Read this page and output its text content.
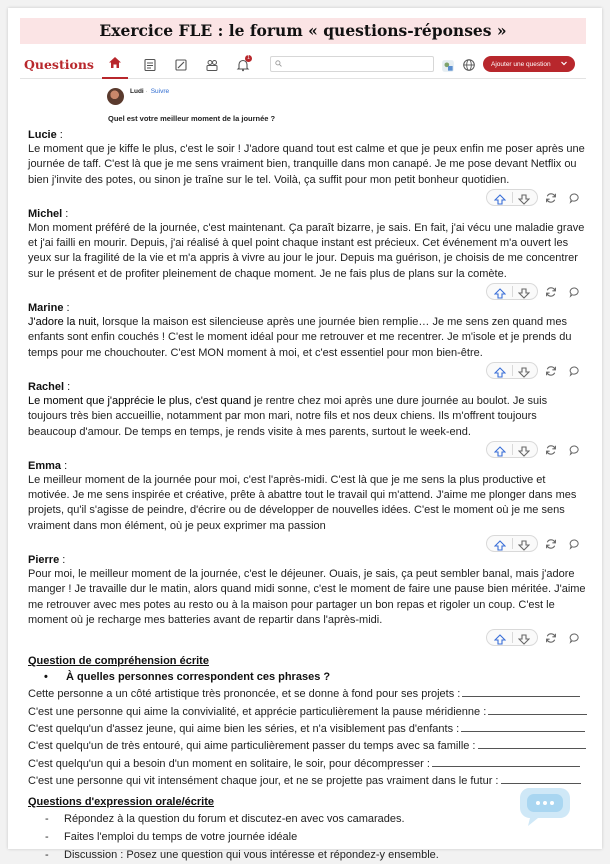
Exercice FLE : le forum « questions-réponses »
Questions	1
Ajouter une question
Ludi · Suivre
Quel est votre meilleur moment de la journée ?
Lucie :
Le moment que je kiffe le plus, c'est le soir ! J'adore quand tout est calme et que je peux enfin me poser après une journée de taff. C'est là que je me sens vraiment bien, tranquille dans mon canapé. Je me pose devant Netflix ou bien j'invite des potes, ou sinon je traîne sur le tel. Voilà, ça suffit pour mon petit bonheur quotidien.
Michel :
Mon moment préféré de la journée, c'est maintenant. Ça paraît bizarre, je sais. En fait, j'ai vécu une maladie grave et j'ai failli en mourir. Depuis, j'ai réalisé à quel point chaque instant est précieux. Cet événement m'a ouvert les yeux sur la fragilité de la vie et m'a appris à vivre au jour le jour. Depuis ma guérison, je choisis de me concentrer sur le présent et de profiter pleinement de chaque moment. Je ne fais plus de plans sur la comète.
Marine :
J'adore la nuit, lorsque la maison est silencieuse après une journée bien remplie… Je me sens zen quand mes enfants sont enfin couchés ! C'est le moment idéal pour me retrouver et me recentrer. Je m'isole et je prends du temps pour me chouchouter. C'est MON moment à moi, et c'est essentiel pour mon bien-être.
Rachel :
Le moment que j'apprécie le plus, c'est quand je rentre chez moi après une dure journée au boulot. Je suis toujours très bien accueillie, notamment par mon mari, notre fils et nos deux chiens. Ils m'offrent toujours beaucoup d'amour. De temps en temps, je rends visite à mes parents, surtout le week-end.
Emma :
Le meilleur moment de la journée pour moi, c'est l'après-midi. C'est là que je me sens la plus productive et motivée. Je me sens inspirée et créative, prête à abattre tout le travail qui m'attend. J'aime me plonger dans mes projets, qu'il s'agisse de peindre, d'écrire ou de développer de nouvelles idées. C'est le moment où je me sens vraiment dans mon élément, où je peux exprimer ma passion
Pierre :
Pour moi, le meilleur moment de la journée, c'est le déjeuner. Ouais, je sais, ça peut sembler banal, mais j'adore manger ! Je travaille dur le matin, alors quand midi sonne, c'est le moment de faire une pause bien méritée. J'aime me retrouver avec mes potes au resto ou à la maison pour partager un bon repas et rigoler un coup. C'est le moment où je recharge mes batteries avant de repartir dans l'après-midi.
Question de compréhension écrite
• À quelles personnes correspondent ces phrases ?
Cette personne a un côté artistique très prononcée, et se donne à fond pour ses projets :
C'est une personne qui aime la convivialité, et apprécie particulièrement la pause méridienne :
C'est quelqu'un d'assez jeune, qui aime bien les séries, et n'a visiblement pas d'enfants :
C'est quelqu'un de très entouré, qui aime particulièrement passer du temps avec sa famille :
C'est quelqu'un qui a besoin d'un moment en solitaire, le soir, pour décompresser :
C'est une personne qui vit intensément chaque jour, et ne se projette pas vraiment dans le futur :
Questions d'expression orale/écrite
- Répondez à la question du forum et discutez-en avec vos camarades.
- Faites l'emploi du temps de votre journée idéale
- Discussion : Posez une question qui vous intéresse et répondez-y ensemble.
